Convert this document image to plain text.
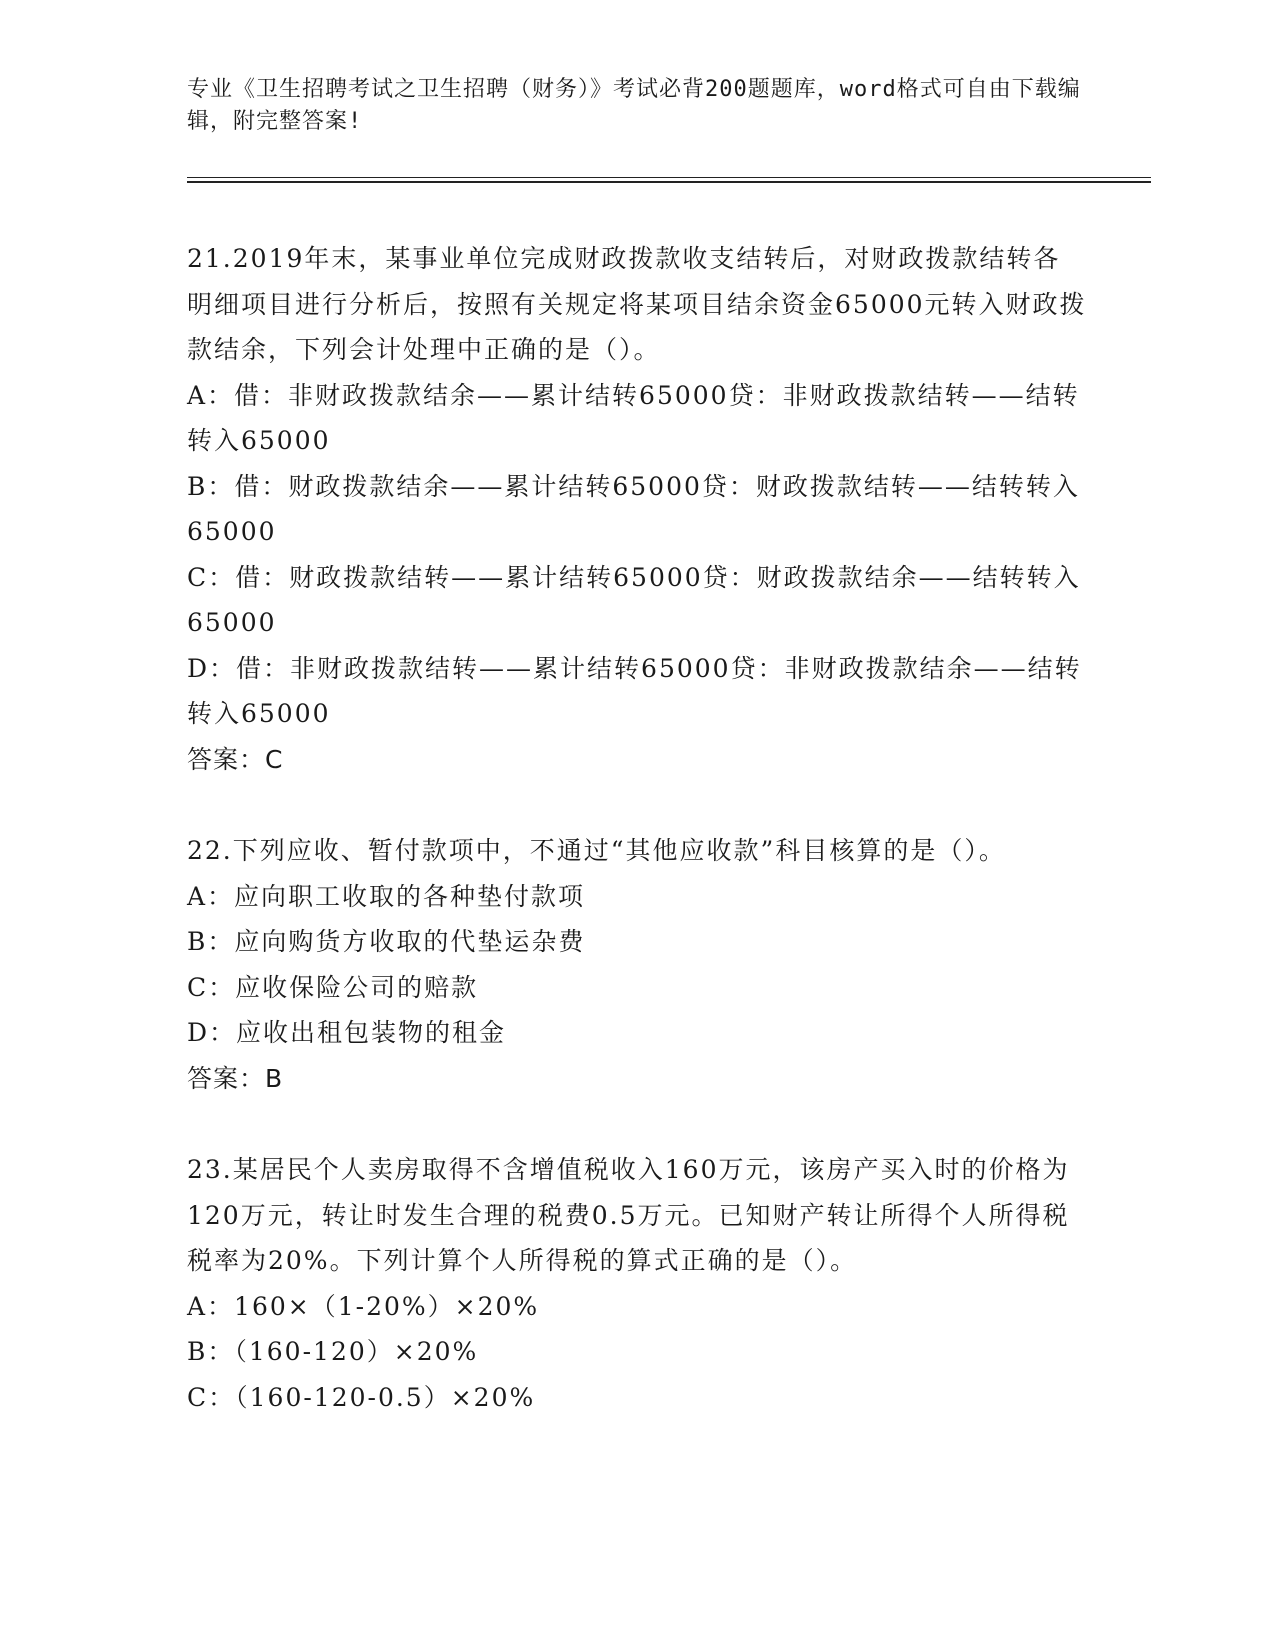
专业《卫生招聘考试之卫生招聘（财务）》考试必背200题题库，word格式可自由下载编辑，附完整答案!

21.2019年末，某事业单位完成财政拨款收支结转后，对财政拨款结转各明细项目进行分析后，按照有关规定将某项目结余资金65000元转入财政拨款结余，下列会计处理中正确的是（）。

A：借：非财政拨款结余——累计结转65000贷：非财政拨款结转——结转转入65000

B：借：财政拨款结余——累计结转65000贷：财政拨款结转——结转转入65000

C：借：财政拨款结转——累计结转65000贷：财政拨款结余——结转转入65000

D：借：非财政拨款结转——累计结转65000贷：非财政拨款结余——结转转入65000

答案：C

22.下列应收、暂付款项中，不通过“其他应收款”科目核算的是（）。

A：应向职工收取的各种垫付款项

B：应向购货方收取的代垫运杂费

C：应收保险公司的赔款

D：应收出租包装物的租金

答案：B

23.某居民个人卖房取得不含增值税收入160万元，该房产买入时的价格为120万元，转让时发生合理的税费0.5万元。已知财产转让所得个人所得税税率为20%。下列计算个人所得税的算式正确的是（）。

A：160×（1-20%）×20%

B：（160-120）×20%

C：（160-120-0.5）×20%
